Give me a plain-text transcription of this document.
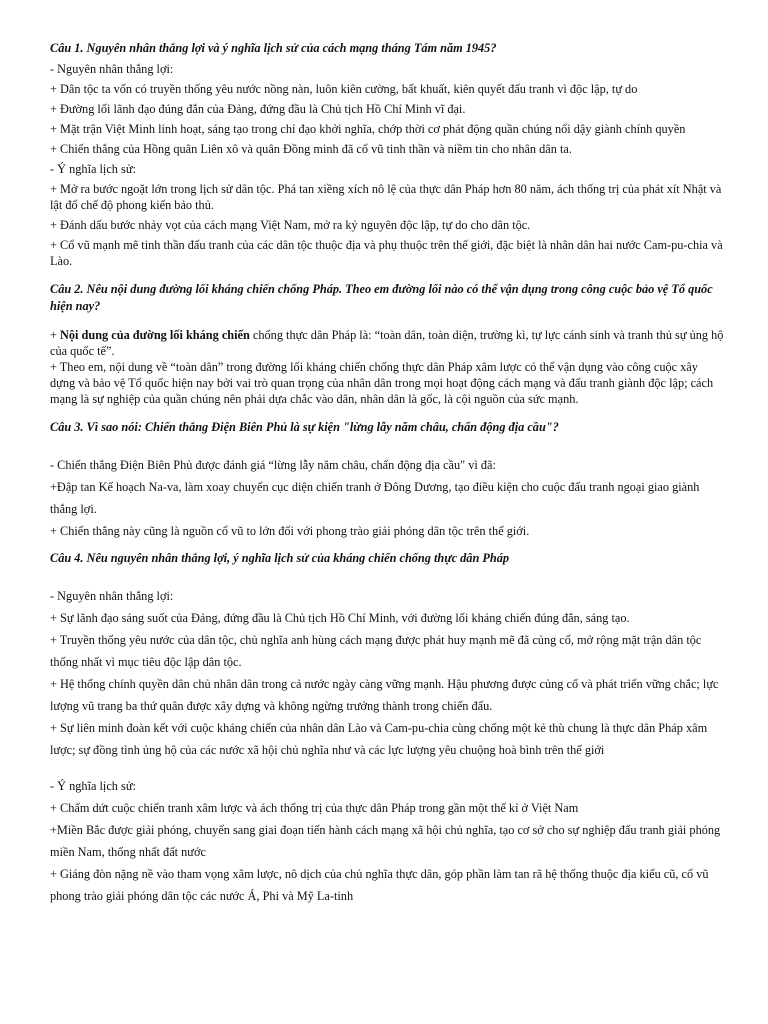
Câu 1. Nguyên nhân thắng lợi và ý nghĩa lịch sử của cách mạng tháng Tám năm 1945?

- Nguyên nhân thắng lợi:

+ Dân tộc ta vốn có truyền thống yêu nước nồng nàn, luôn kiên cường, bất khuất, kiên quyết đấu tranh vì độc lập, tự do

+ Đường lối lãnh đạo đúng đắn của Đảng, đứng đầu là Chủ tịch Hồ Chí Minh vĩ đại.

+ Mặt trận Việt Minh linh hoạt, sáng tạo trong chỉ đạo khởi nghĩa, chớp thời cơ phát động quần chúng nổi dậy giành chính quyền

+ Chiến thắng của Hồng quân Liên xô và quân Đồng minh đã cổ vũ tinh thần và niềm tin cho nhân dân ta.

- Ý nghĩa lịch sử:

+ Mở ra bước ngoặt lớn trong lịch sử dân tộc. Phá tan xiềng xích nô lệ của thực dân Pháp hơn 80 năm, ách thống trị của phát xít Nhật và lật đổ chế độ phong kiến bảo thủ.

+ Đánh dấu bước nhảy vọt của cách mạng Việt Nam, mở ra kỷ nguyên độc lập, tự do cho dân tộc.

+ Cổ vũ mạnh mẽ tinh thần đấu tranh của các dân tộc thuộc địa và phụ thuộc trên thế giới, đặc biệt là nhân dân hai nước Cam-pu-chia và Lào.

Câu 2. Nêu nội dung đường lối kháng chiến chống Pháp. Theo em đường lối nào có thể vận dụng trong công cuộc bảo vệ Tổ quốc hiện nay?

+ Nội dung của đường lối kháng chiến chống thực dân Pháp là: “toàn dân, toàn diện, trường kì, tự lực cánh sinh và tranh thủ sự ủng hộ của quốc tế”.

+ Theo em, nội dung về “toàn dân” trong đường lối kháng chiến chống thực dân Pháp xâm lược có thể vận dụng vào công cuộc xây dựng và bảo vệ Tổ quốc hiện nay bởi vai trò quan trọng của nhân dân trong mọi hoạt động cách mạng và đấu tranh giành độc lập; cách mạng là sự nghiệp của quần chúng nên phải dựa chắc vào dân, nhân dân là gốc, là cội nguồn của sức mạnh.

Câu 3. Vì sao nói: Chiến thắng Điện Biên Phủ là sự kiện "lừng lẫy năm châu, chấn động địa cầu"?

- Chiến thắng Điện Biên Phủ được đánh giá “lừng lẫy năm châu, chấn động địa cầu" vì đã:

+Đập tan Kế hoạch Na-va, làm xoay chuyển cục diện chiến tranh ở Đông Dương, tạo điều kiện cho cuộc đấu tranh ngoại giao giành thắng lợi.

+ Chiến thắng này cũng là nguồn cổ vũ to lớn đối với phong trào giải phóng dân tộc trên thế giới.

Câu 4. Nêu nguyên nhân thắng lợi, ý nghĩa lịch sử của kháng chiến chống thực dân Pháp

- Nguyên nhân thắng lợi:

+ Sự lãnh đạo sáng suốt của Đảng, đứng đầu là Chủ tịch Hồ Chí Minh, với đường lối kháng chiến đúng đắn, sáng tạo.

+ Truyền thống yêu nước của dân tộc, chủ nghĩa anh hùng cách mạng được phát huy mạnh mẽ đã củng cố, mở rộng mặt trận dân tộc thống nhất vì mục tiêu độc lập dân tộc.

+ Hệ thống chính quyền dân chủ nhân dân trong cả nước ngày càng vững mạnh. Hậu phương được củng cố và phát triển vững chắc; lực lượng vũ trang ba thứ quân được xây dựng và không ngừng trưởng thành trong chiến đấu.

+ Sự liên minh đoàn kết với cuộc kháng chiến của nhân dân Lào và Cam-pu-chia cùng chống một kẻ thù chung là thực dân Pháp xâm lược; sự đồng tình ủng hộ của các nước xã hội chủ nghĩa như và các lực lượng yêu chuộng hoà bình trên thế giới

- Ý nghĩa lịch sử:

+ Chấm dứt cuộc chiến tranh xâm lược và ách thống trị của thực dân Pháp trong gần một thế kỉ ở Việt Nam

+Miền Bắc được giải phóng, chuyển sang giai đoạn tiến hành cách mạng xã hội chủ nghĩa, tạo cơ sở cho sự nghiệp đấu tranh giải phóng miền Nam, thống nhất đất nước

+ Giáng đòn nặng nề vào tham vọng xâm lược, nô dịch của chủ nghĩa thực dân, góp phần làm tan rã hệ thống thuộc địa kiểu cũ, cổ vũ phong trào giải phóng dân tộc các nước Á, Phi và Mỹ La-tinh
